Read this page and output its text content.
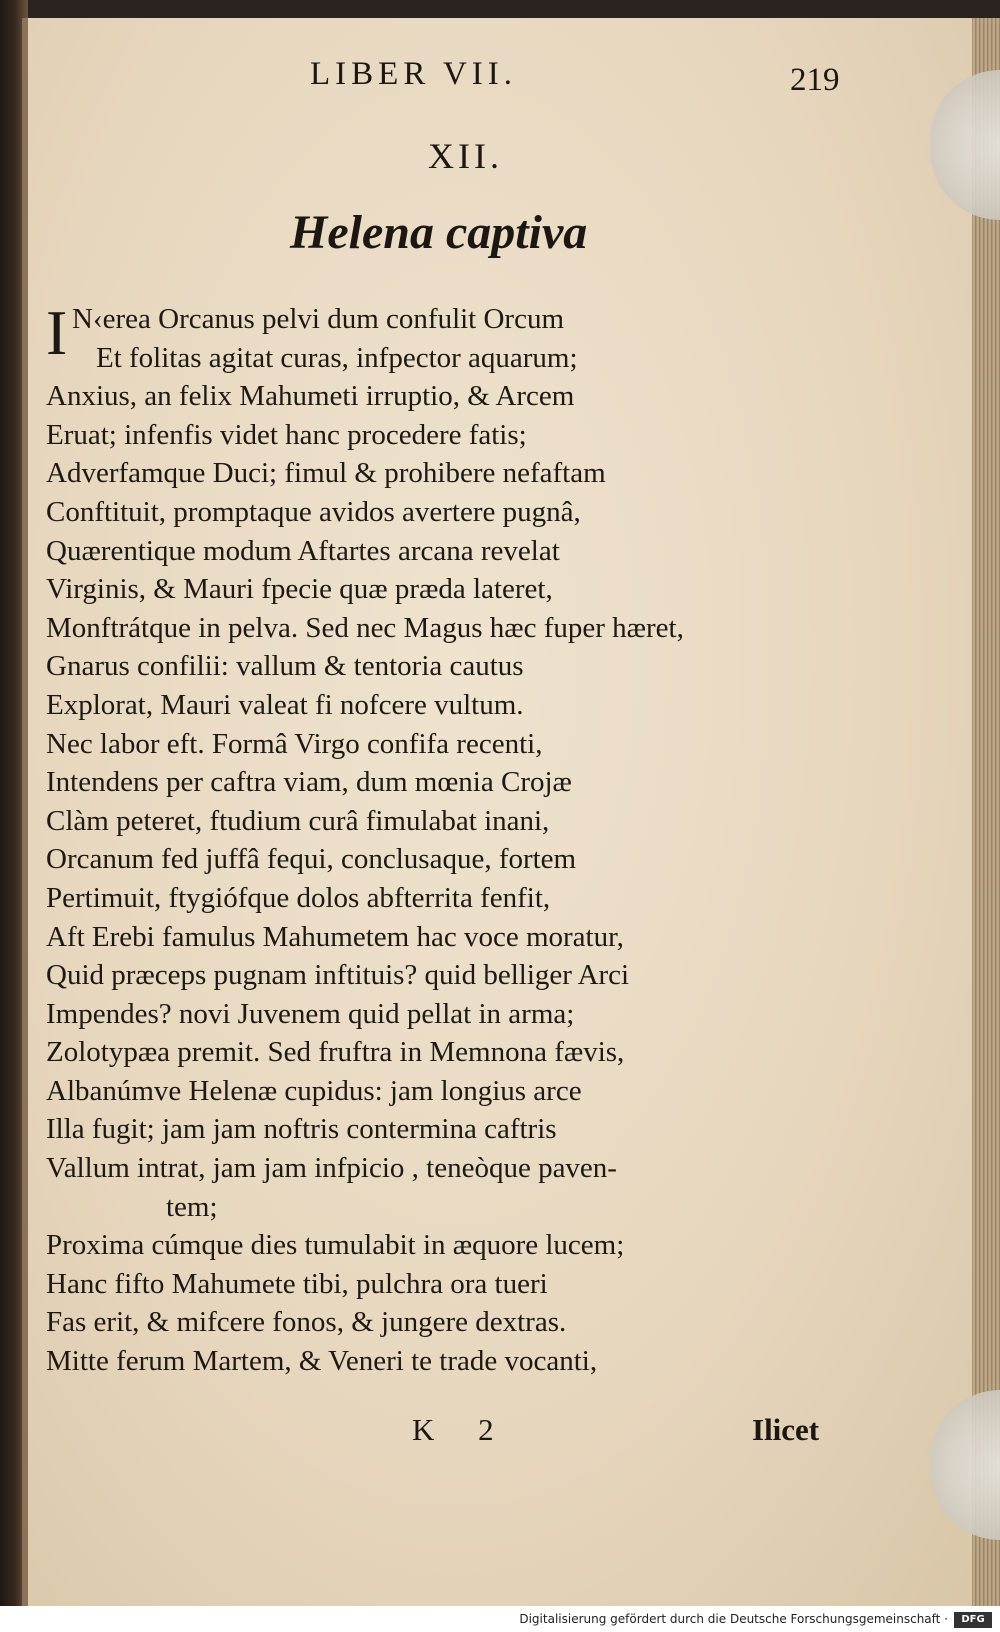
LIBER VII.	219
XII.
Helena captiva
I N‹erea Orcanus pelvi dum confulit Orcum
Et folitas agitat curas, infpector aquarum;
Anxius, an felix Mahumeti irruptio, & Arcem
Eruat; infenfis videt hanc procedere fatis;
Adverfamque Duci; fimul & prohibere nefaftam
Conftituit, promptaque avidos avertere pugnâ,
Quærentique modum Aftartes arcana revelat
Virginis, & Mauri fpecie quæ præda lateret,
Monftrátque in pelva. Sed nec Magus hæc fuper hæret,
Gnarus confilii: vallum & tentoria cautus
Explorat, Mauri valeat fi nofcere vultum.
Nec labor eft. Formâ Virgo confifa recenti,
Intendens per caftra viam, dum mœnia Crojæ
Clàm peteret, ftudium curâ fimulabat inani,
Orcanum fed juffâ fequi, conclusaque, fortem
Pertimuit, ftygiófque dolos abfterrita fenfit,
Aft Erebi famulus Mahumetem hac voce moratur,
Quid præceps pugnam inftituis? quid belliger Arci
Impendes? novi Juvenem quid pellat in arma;
Zolotypæa premit. Sed fruftra in Memnona fævis,
Albanúmve Helenæ cupidus: jam longius arce
Illa fugit; jam jam noftris contermina caftris
Vallum intrat, jam jam infpicio , teneòque paven-
tem;
Proxima cúmque dies tumulabit in æquore lucem;
Hanc fifto Mahumete tibi, pulchra ora tueri
Fas erit, & mifcere fonos, & jungere dextras.
Mitte ferum Martem, & Veneri te trade vocanti,
K 2	Ilicet
Digitalisierung gefördert durch die Deutsche Forschungsgemeinschaft ·	DFG
